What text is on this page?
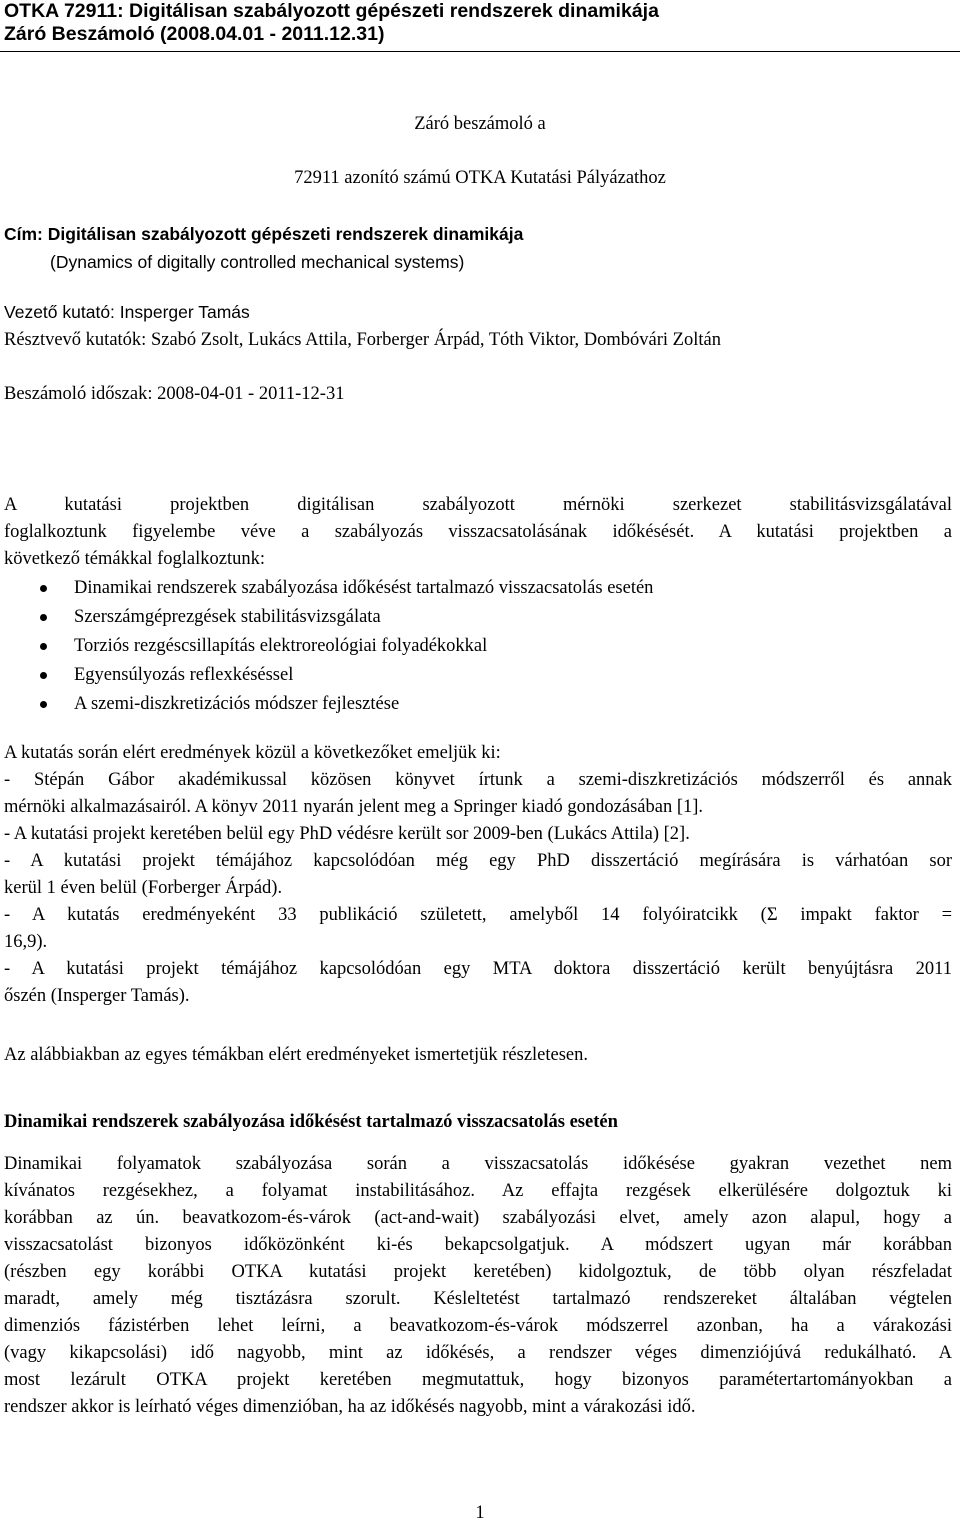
OTKA 72911: Digitálisan szabályozott gépészeti rendszerek dinamikája
Záró Beszámoló (2008.04.01 - 2011.12.31)
Záró beszámoló a
72911 azonító számú OTKA Kutatási Pályázathoz
Cím: Digitálisan szabályozott gépészeti rendszerek dinamikája
(Dynamics of digitally controlled mechanical systems)
Vezető kutató: Insperger Tamás
Résztvevő kutatók: Szabó Zsolt, Lukács Attila, Forberger Árpád, Tóth Viktor, Dombóvári Zoltán
Beszámoló időszak: 2008-04-01 - 2011-12-31
A kutatási projektben digitálisan szabályozott mérnöki szerkezet stabilitásvizsgálatával
foglalkoztunk figyelembe véve a szabályozás visszacsatolásának időkésését. A kutatási projektben a
következő témákkal foglalkoztunk:
Dinamikai rendszerek szabályozása időkésést tartalmazó visszacsatolás esetén
Szerszámgéprezgések stabilitásvizsgálata
Torziós rezgéscsillapítás elektroreológiai folyadékokkal
Egyensúlyozás reflexkéséssel
A szemi-diszkretizációs módszer fejlesztése
A kutatás során elért eredmények közül a következőket emeljük ki:
- Stépán Gábor akadémikussal közösen könyvet írtunk a szemi-diszkretizációs módszerről és annak
mérnöki alkalmazásairól. A könyv 2011 nyarán jelent meg a Springer kiadó gondozásában [1].
- A kutatási projekt keretében belül egy PhD védésre került sor 2009-ben (Lukács Attila) [2].
- A kutatási projekt témájához kapcsolódóan még egy PhD disszertáció megírására is várhatóan sor
kerül 1 éven belül (Forberger Árpád).
- A kutatás eredményeként 33 publikáció született, amelyből 14 folyóiratcikk (Σ impakt faktor =
16,9).
- A kutatási projekt témájához kapcsolódóan egy MTA doktora disszertáció került benyújtásra 2011
őszén (Insperger Tamás).
Az alábbiakban az egyes témákban elért eredményeket ismertetjük részletesen.
Dinamikai rendszerek szabályozása időkésést tartalmazó visszacsatolás esetén
Dinamikai folyamatok szabályozása során a visszacsatolás időkésése gyakran vezethet nem
kívánatos rezgésekhez, a folyamat instabilitásához. Az effajta rezgések elkerülésére dolgoztuk ki
korábban az ún. beavatkozom-és-várok (act-and-wait) szabályozási elvet, amely azon alapul, hogy a
visszacsatolást bizonyos időközönként ki-és bekapcsolgatjuk. A módszert ugyan már korábban
(részben egy korábbi OTKA kutatási projekt keretében) kidolgoztuk, de több olyan részfeladat
maradt, amely még tisztázásra szorult. Késleltetést tartalmazó rendszereket általában végtelen
dimenziós fázistérben lehet leírni, a beavatkozom-és-várok módszerrel azonban, ha a várakozási
(vagy kikapcsolási) idő nagyobb, mint az időkésés, a rendszer véges dimenziójúvá redukálható. A
most lezárult OTKA projekt keretében megmutattuk, hogy bizonyos paramétertartományokban a
rendszer akkor is leírható véges dimenzióban, ha az időkésés nagyobb, mint a várakozási idő.
1
